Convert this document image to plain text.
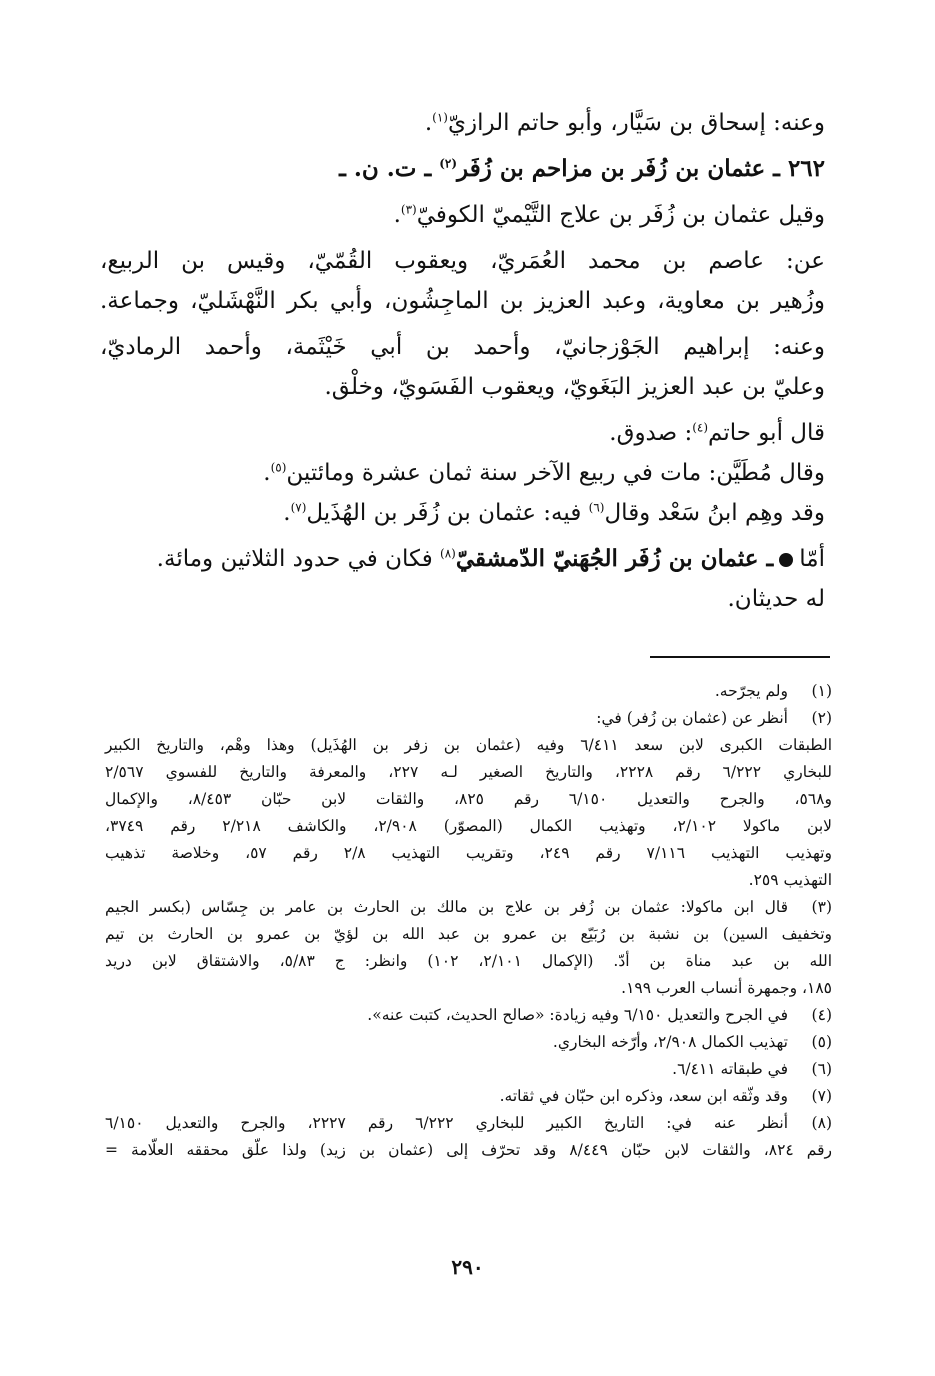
وعنه: إسحاق بن سَيَّار، وأبو حاتم الرازيّ$^{(١)}$.
٢٦٢ ـ عثمان بن زُفَر بن مزاحم بن زُفَر$^{(٢)}$ ـ ت. ن. ـ
وقيل عثمان بن زُفَر بن علاج التَّيْميّ الكوفيّ$^{(٣)}$.
عن: عاصم بن محمد العُمَريّ، ويعقوب القُمّيّ، وقيس بن الربيع،
وزُهير بن معاوية، وعبد العزيز بن الماجِشُون، وأبي بكر النَّهْشَليّ، وجماعة.
وعنه: إبراهيم الجَوْزجانيّ، وأحمد بن أبي خَيْثَمة، وأحمد الرماديّ،
وعليّ بن عبد العزيز البَغَويّ، ويعقوب الفَسَويّ، وخلْق.
قال أبو حاتم$^{(٤)}$: صدوق.
وقال مُطَيَّن: مات في ربيع الآخر سنة ثمان عشرة ومائتين$^{(٥)}$.
وقد وهِم ابنُ سَعْد وقال$^{(٦)}$ فيه: عثمان بن زُفَر بن الهُذَيل$^{(٧)}$.
أمّاـ عثمان بن زُفَر الجُهَنيّ الدّمشقيّ$^{(٨)}$ فكان في حدود الثلاثين ومائة.
له حديثان.
(١)
ولم يجرّحه.
(٢)
أنظر عن (عثمان بن زُفر) في:
الطبقات الكبرى لابن سعد ٦/٤١١ وفيه (عثمان بن زفر بن الهُذَيل) وهذا وهْم، والتاريخ الكبير
للبخاري ٦/٢٢٢ رقم ٢٢٢٨، والتاريخ الصغير لـه ٢٢٧، والمعرفة والتاريخ للفسوي ٢/٥٦٧
و٥٦٨، والجرح والتعديل ٦/١٥٠ رقم ٨٢٥، والثقات لابن حبّان ٨/٤٥٣، والإكمال
لابن ماكولا ٢/١٠٢، وتهذيب الكمال (المصوّر) ٢/٩٠٨، والكاشف ٢/٢١٨ رقم ٣٧٤٩،
وتهذيب التهذيب ٧/١١٦ رقم ٢٤٩، وتقريب التهذيب ٢/٨ رقم ٥٧، وخلاصة تذهيب
التهذيب ٢٥٩.
(٣)
قال ابن ماكولا: عثمان بن زُفر بن علاج بن مالك بن الحارث بن عامر بن جِسّاس (بكسر الجيم
وتخفيف السين) بن نشبة بن رُبَيّع بن عمرو بن عبد الله بن لؤيّ بن عمرو بن الحارث بن تيم
الله بن عبد مناة بن أدّ. (الإكمال ٢/١٠١، ١٠٢) وانظر: ج ٥/٨٣، والاشتقاق لابن دريد
١٨٥، وجمهرة أنساب العرب ١٩٩.
(٤)
في الجرح والتعديل ٦/١٥٠ وفيه زيادة: «صالح الحديث، كتبت عنه».
(٥)
تهذيب الكمال ٢/٩٠٨، وأرّخه البخاري.
(٦)
في طبقاته ٦/٤١١.
(٧)
وقد وثّقه ابن سعد، وذكره ابن حبّان في ثقاته.
(٨)
أنظر عنه في: التاريخ الكبير للبخاري ٦/٢٢٢ رقم ٢٢٢٧، والجرح والتعديل ٦/١٥٠
رقم ٨٢٤، والثقات لابن حبّان ٨/٤٤٩ وقد تحرّف إلى (عثمان بن زيد) ولذا علّق محققه العلّامة =
٢٩٠
